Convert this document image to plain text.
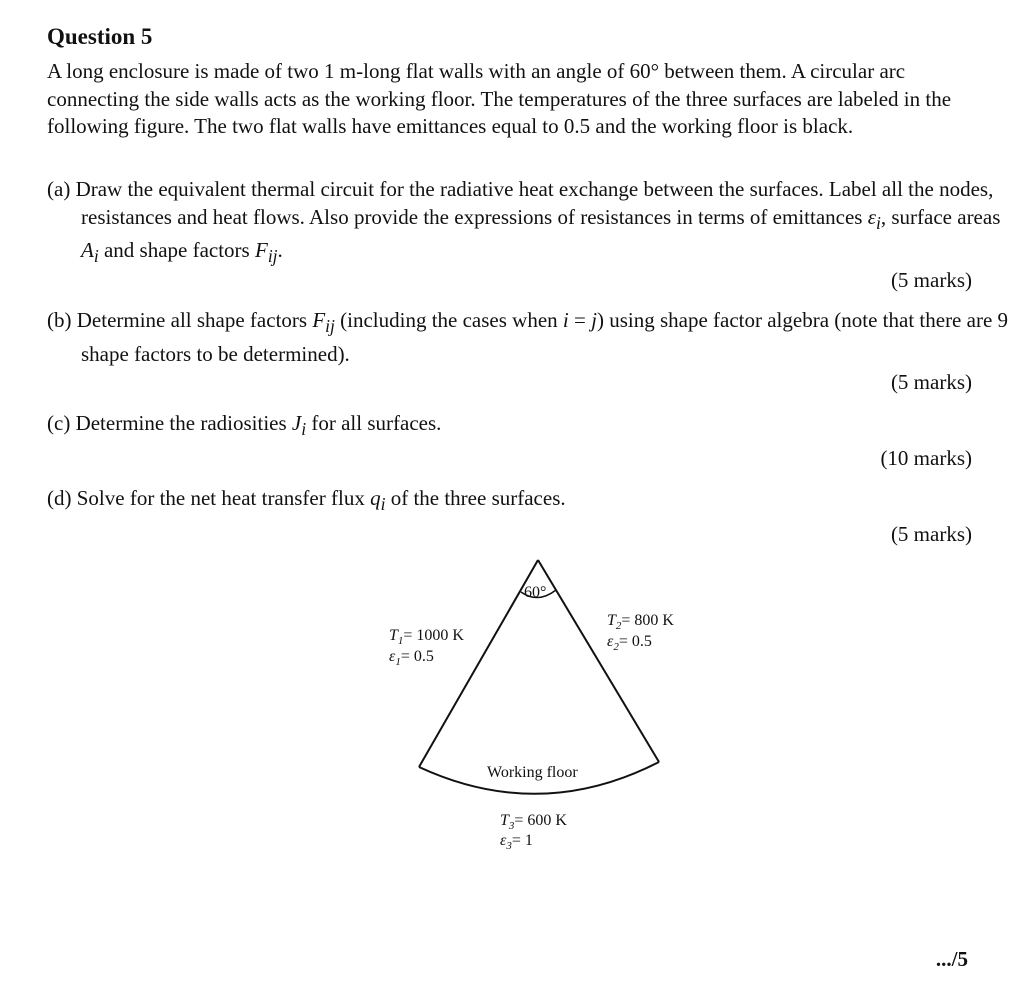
Question 5

A long enclosure is made of two 1 m-long flat walls with an angle of 60° between them. A circular arc connecting the side walls acts as the working floor. The temperatures of the three surfaces are labeled in the following figure. The two flat walls have emittances equal to 0.5 and the working floor is black.

(a) Draw the equivalent thermal circuit for the radiative heat exchange between the surfaces. Label all the nodes, resistances and heat flows. Also provide the expressions of resistances in terms of emittances $\varepsilon_i$, surface areas $A_i$ and shape factors $F_{ij}$.

(5 marks)

(b) Determine all shape factors $F_{ij}$ (including the cases when i = j) using shape factor algebra (note that there are 9 shape factors to be determined).

(5 marks)

(c) Determine the radiosities $J_i$ for all surfaces.

(10 marks)

(d) Solve for the net heat transfer flux $q_i$ of the three surfaces.

(5 marks)
60°
$T_1= 1000$ K
$\varepsilon_1= 0.5$
$T_2= 800$ K
$\varepsilon_2= 0.5$
Working floor
$T_3= 600$ K
$\varepsilon_3= 1$
.../5
